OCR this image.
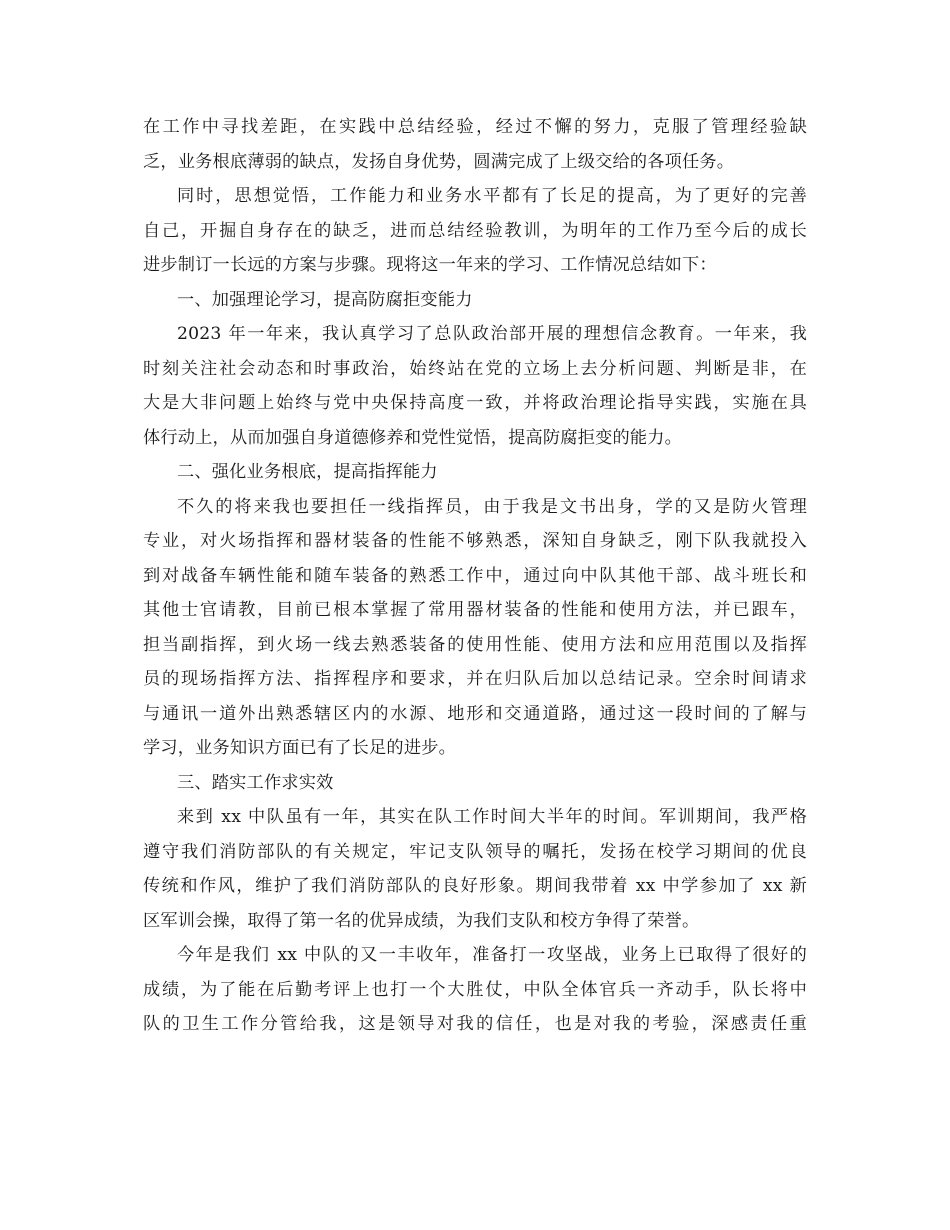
在工作中寻找差距，在实践中总结经验，经过不懈的努力，克服了管理经验缺
乏，业务根底薄弱的缺点，发扬自身优势，圆满完成了上级交给的各项任务。
同时，思想觉悟，工作能力和业务水平都有了长足的提高，为了更好的完善
自己，开掘自身存在的缺乏，进而总结经验教训，为明年的工作乃至今后的成长
进步制订一长远的方案与步骤。现将这一年来的学习、工作情况总结如下：
一、加强理论学习，提高防腐拒变能力
2023 年一年来，我认真学习了总队政治部开展的理想信念教育。一年来，我
时刻关注社会动态和时事政治，始终站在党的立场上去分析问题、判断是非，在
大是大非问题上始终与党中央保持高度一致，并将政治理论指导实践，实施在具
体行动上，从而加强自身道德修养和党性觉悟，提高防腐拒变的能力。
二、强化业务根底，提高指挥能力
不久的将来我也要担任一线指挥员，由于我是文书出身，学的又是防火管理
专业，对火场指挥和器材装备的性能不够熟悉，深知自身缺乏，刚下队我就投入
到对战备车辆性能和随车装备的熟悉工作中，通过向中队其他干部、战斗班长和
其他士官请教，目前已根本掌握了常用器材装备的性能和使用方法，并已跟车，
担当副指挥，到火场一线去熟悉装备的使用性能、使用方法和应用范围以及指挥
员的现场指挥方法、指挥程序和要求，并在归队后加以总结记录。空余时间请求
与通讯一道外出熟悉辖区内的水源、地形和交通道路，通过这一段时间的了解与
学习，业务知识方面已有了长足的进步。
三、踏实工作求实效
来到 xx 中队虽有一年，其实在队工作时间大半年的时间。军训期间，我严格
遵守我们消防部队的有关规定，牢记支队领导的嘱托，发扬在校学习期间的优良
传统和作风，维护了我们消防部队的良好形象。期间我带着 xx 中学参加了 xx 新
区军训会操，取得了第一名的优异成绩，为我们支队和校方争得了荣誉。
今年是我们 xx 中队的又一丰收年，准备打一攻坚战，业务上已取得了很好的
成绩，为了能在后勤考评上也打一个大胜仗，中队全体官兵一齐动手，队长将中
队的卫生工作分管给我，这是领导对我的信任，也是对我的考验，深感责任重
